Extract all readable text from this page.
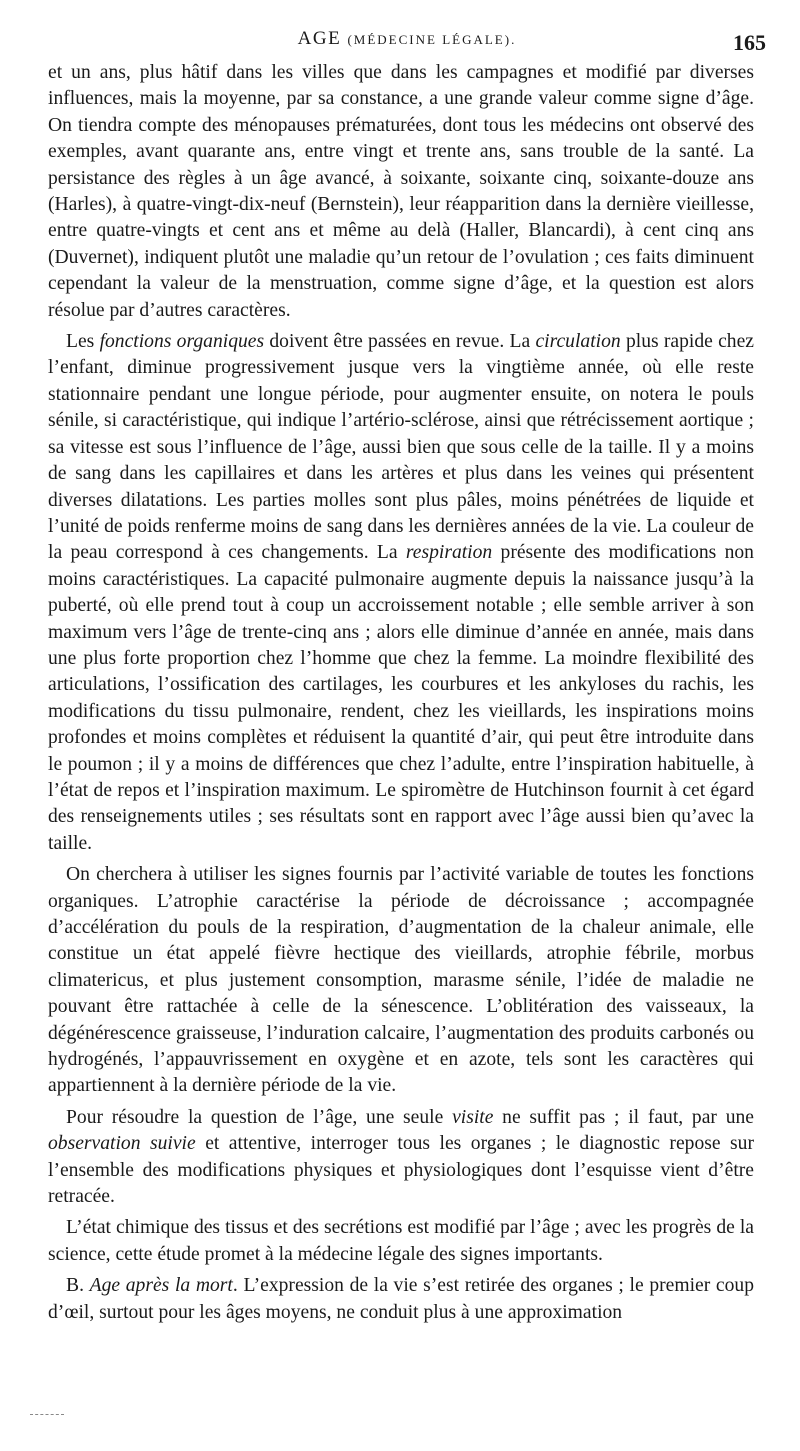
AGE (MÉDECINE LÉGALE).	165

et un ans, plus hâtif dans les villes que dans les campagnes et modifié par diverses influences, mais la moyenne, par sa constance, a une grande valeur comme signe d’âge. On tiendra compte des ménopauses prématurées, dont tous les médecins ont observé des exemples, avant quarante ans, entre vingt et trente ans, sans trouble de la santé. La persistance des règles à un âge avancé, à soixante, soixante cinq, soixante-douze ans (Harles), à quatre-vingt-dix-neuf (Bernstein), leur réapparition dans la dernière vieillesse, entre quatre-vingts et cent ans et même au delà (Haller, Blancardi), à cent cinq ans (Duvernet), indiquent plutôt une maladie qu’un retour de l’ovulation ; ces faits diminuent cependant la valeur de la menstruation, comme signe d’âge, et la question est alors résolue par d’autres caractères.

Les fonctions organiques doivent être passées en revue. La circulation plus rapide chez l’enfant, diminue progressivement jusque vers la vingtième année, où elle reste stationnaire pendant une longue période, pour augmenter ensuite, on notera le pouls sénile, si caractéristique, qui indique l’artério-sclérose, ainsi que rétrécissement aortique ; sa vitesse est sous l’influence de l’âge, aussi bien que sous celle de la taille. Il y a moins de sang dans les capillaires et dans les artères et plus dans les veines qui présentent diverses dilatations. Les parties molles sont plus pâles, moins pénétrées de liquide et l’unité de poids renferme moins de sang dans les dernières années de la vie. La couleur de la peau correspond à ces changements. La respiration présente des modifications non moins caractéristiques. La capacité pulmonaire augmente depuis la naissance jusqu’à la puberté, où elle prend tout à coup un accroissement notable ; elle semble arriver à son maximum vers l’âge de trente-cinq ans ; alors elle diminue d’année en année, mais dans une plus forte proportion chez l’homme que chez la femme. La moindre flexibilité des articulations, l’ossification des cartilages, les courbures et les ankyloses du rachis, les modifications du tissu pulmonaire, rendent, chez les vieillards, les inspirations moins profondes et moins complètes et réduisent la quantité d’air, qui peut être introduite dans le poumon ; il y a moins de différences que chez l’adulte, entre l’inspiration habituelle, à l’état de repos et l’inspiration maximum. Le spiromètre de Hutchinson fournit à cet égard des renseignements utiles ; ses résultats sont en rapport avec l’âge aussi bien qu’avec la taille.

On cherchera à utiliser les signes fournis par l’activité variable de toutes les fonctions organiques. L’atrophie caractérise la période de décroissance ; accompagnée d’accélération du pouls de la respiration, d’augmentation de la chaleur animale, elle constitue un état appelé fièvre hectique des vieillards, atrophie fébrile, morbus climatericus, et plus justement consomption, marasme sénile, l’idée de maladie ne pouvant être rattachée à celle de la sénescence. L’oblitération des vaisseaux, la dégénérescence graisseuse, l’induration calcaire, l’augmentation des produits carbonés ou hydrogénés, l’appauvrissement en oxygène et en azote, tels sont les caractères qui appartiennent à la dernière période de la vie.

Pour résoudre la question de l’âge, une seule visite ne suffit pas ; il faut, par une observation suivie et attentive, interroger tous les organes ; le diagnostic repose sur l’ensemble des modifications physiques et physiologiques dont l’esquisse vient d’être retracée.

L’état chimique des tissus et des secrétions est modifié par l’âge ; avec les progrès de la science, cette étude promet à la médecine légale des signes importants.

B. Age après la mort. L’expression de la vie s’est retirée des organes ; le premier coup d’œil, surtout pour les âges moyens, ne conduit plus à une approximation
